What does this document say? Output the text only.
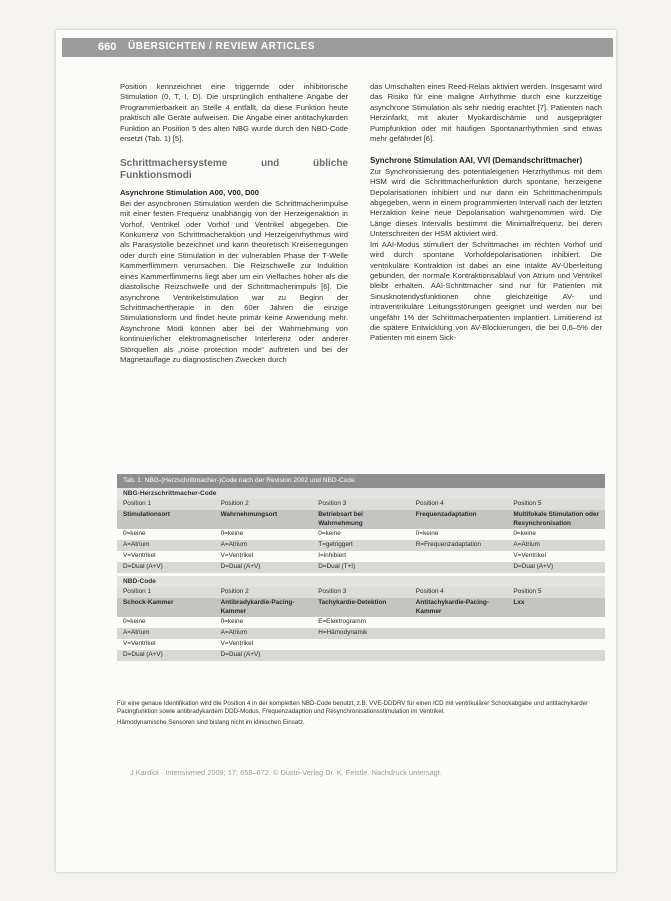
660 ÜBERSICHTEN / REVIEW ARTICLES

Position kennzeichnet eine triggernde oder inhibitorische Stimulation (0, T, I, D). Die ursprünglich enthaltene Angabe der Programmierbarkeit an Stelle 4 entfällt, da diese Funktion heute praktisch alle Geräte aufweisen. Die Angabe einer antitachykarden Funktion an Position 5 des alten NBG wurde durch den NBD-Code ersetzt (Tab. 1) [5].

Schrittmachersysteme und übliche Funktionsmodi

Asynchrone Stimulation A00, V00, D00

Bei der asynchronen Stimulation werden die Schrittmacherimpulse mit einer festen Frequenz unabhängig von der Herzeigenaktion in Vorhof, Ventrikel oder Vorhof und Ventrikel abgegeben. Die Konkurrenz von Schrittmacheraktion und Herzeigenrhythmus wird als Parasystolie bezeichnet und kann theoretisch Kreiserregungen oder durch eine Stimulation in der vulnerablen Phase der T-Welle Kammerflimmern verursachen. Die Reizschwelle zur Induktion eines Kammerflimmerns liegt aber um ein Vielfaches höher als die diastolische Reizschwelle und der Schrittmacherimpuls [6]. Die asynchrone Ventrikelstimulation war zu Beginn der Schrittmachertherapie in den 60er Jahren die einzige Stimulationsform und findet heute primär keine Anwendung mehr. Asynchrone Modi können aber bei der Wahrnehmung von kontinuierlicher elektromagnetischer Interferenz oder anderer Störquellen als „noise protection mode“ auftreten und bei der Magnetauflage zu diagnostischen Zwecken durch

das Umschalten eines Reed-Relais aktiviert werden. Insgesamt wird das Risiko für eine maligne Arrhythmie durch eine kurzzeitige asynchrone Stimulation als sehr niedrig erachtet [7]. Patienten nach Herzinfarkt, mit akuter Myokardischämie und ausgeprägter Pumpfunktion oder mit häufigen Spontanarrhythmien sind etwas mehr gefährdet [6].

Synchrone Stimulation AAI, VVI (Demandschrittmacher)

Zur Synchronisierung des potentialeigenen Herzrhythmus mit dem HSM wird die Schrittmacherfunktion durch spontane, herzeigene Depolarisationen inhibiert und nur dann ein Schrittmacherimpuls abgegeben, wenn in einem programmierten Intervall nach der letzten Herzaktion keine neue Depolarisation wahrgenommen wird. Die Länge dieses Intervalls bestimmt die Minimalfrequenz, bei deren Unterschreiten der HSM aktiviert wird.

Im AAI-Modus stimuliert der Schrittmacher im rechten Vorhof und wird durch spontane Vorhofdepolarisationen inhibiert. Die ventrikuläre Kontraktion ist dabei an eine intakte AV-Überleitung gebunden, der normale Kontraktionsablauf von Atrium und Ventrikel bleibt erhalten. AAI-Schrittmacher sind nur für Patienten mit Sinusknotendysfunktionen ohne gleichzeitige AV- und intraventrikuläre Leitungsstörungen geeignet und werden nur bei ungefähr 1% der Schrittmacherpatienten implantiert. Limitierend ist die spätere Entwicklung von AV-Blockierungen, die bei 0,6–5% der Patienten mit einem Sick-

Tab. 1: NBG-(Herzschrittmacher-)Code nach der Revision 2002 und NBD-Code.
NBG-Herzschrittmacher-Code
Position 1	Position 2	Position 3	Position 4	Position 5
Stimulationsort	Wahrnehmungsort	Betriebsart bei Wahrnehmung	Frequenzadaptation	Multifokale Stimulation oder Resynchronisation
0=keine	0=keine	0=keine	0=keine	0=keine
A=Atrium	A=Atrium	T=getriggert	R=Frequenzadaptation	A=Atrium
V=Ventrikel	V=Ventrikel	I=inhibiert		V=Ventrikel
D=Dual (A+V)	D=Dual (A+V)	D=Dual (T+I)		D=Dual (A+V)
NBD-Code
Position 1	Position 2	Position 3	Position 4	Position 5
Schock-Kammer	Antibradykardie-Pacing-Kammer	Tachykardie-Detektion	Antitachykardie-Pacing-Kammer	Lxx
0=keine	0=keine	E=Elektrogramm		
A=Atrium	A=Atrium	H=Hämodynamik		
V=Ventrikel	V=Ventrikel			
D=Dual (A+V)	D=Dual (A+V)			

Für eine genaue Identifikation wird die Position 4 in der kompletten NBD-Code benutzt, z.B. VVE-DDDRV für einen ICD mit ventrikulärer Schockabgabe und antitachykarder Pacingfunktion sowie antibradykardem DDD-Modus, Frequenzadaption und Resynchronisationsstimulation im Ventrikel.

Hämodynamische Sensoren sind bislang nicht im klinischen Einsatz.

J Kardiol · Intensivmed 2009; 17: 658–672. © Dustri-Verlag Dr. K. Feistle. Nachdruck untersagt.
